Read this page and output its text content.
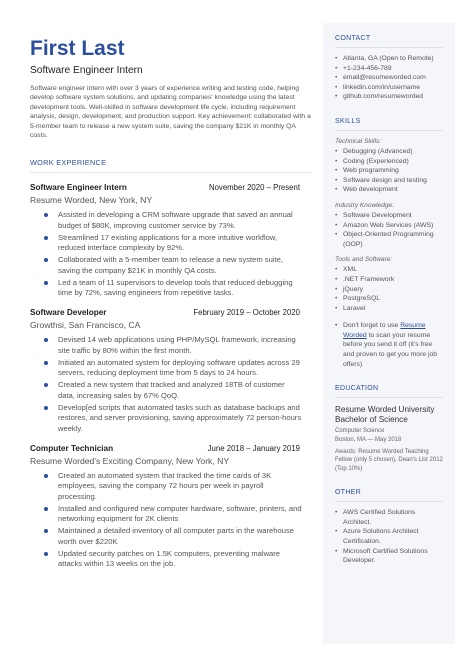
First Last
Software Engineer Intern
Software engineer intern with over 3 years of experience writing and testing code, helping develop software system solutions, and updating companies' knowledge using the latest development tools. Well-skilled in software development life cycle, including requirement analysis, design, development, and production support. Key achievement: collaborated with a 5-member team to release a new system suite, saving the company $21K in monthly QA costs.
WORK EXPERIENCE
Software Engineer Intern	November 2020 – Present
Resume Worded, New York, NY
Assisted in developing a CRM software upgrade that saved an annual budget of $80K, improving customer service by 73%.
Streamlined 17 existing applications for a more intuitive workflow, reduced interface complexity by 92%.
Collaborated with a 5-member team to release a new system suite, saving the company $21K in monthly QA costs.
Led a team of 11 supervisors to develop tools that reduced debugging time by 72%, saving engineers from repetitive tasks.
Software Developer	February 2019 – October 2020
Growthsi, San Francisco, CA
Devised 14 web applications using PHP/MySQL framework, increasing site traffic by 80% within the first month.
Initiated an automated system for deploying software updates across 29 servers, reducing deployment time from 5 days to 24 hours.
Created a new system that tracked and analyzed 18TB of customer data, increasing sales by 67% QoQ.
Develop[ed scripts that automated tasks such as database backups and restores, and server provisioning, saving approximately 72 person-hours weekly.
Computer Technician	June 2018 – January 2019
Resume Worded's Exciting Company, New York, NY
Created an automated system that tracked the time cards of 3K employees, saving the company 72 hours per week in payroll processing.
Installed and configured new computer hardware, software, printers, and networking equipment for 2K clients
Maintained a detailed inventory of all computer parts in the warehouse worth over $220K
Updated security patches on 1.5K computers, preventing malware attacks within 13 weeks on the job.
CONTACT
• Atlanta, GA (Open to Remote)
• +1-234-456-789
• email@resumeworded.com
• linkedin.com/in/username
• github.com/resumeworded
SKILLS
Technical Skills:
• Debugging (Advanced)
• Coding (Experienced)
• Web programming
• Software design and testing
• Web development
Industry Knowledge:
• Software Development
• Amazon Web Services (AWS)
• Object-Oriented Programming (OOP)
Tools and Software:
• XML
• .NET Framework
• jQuery
• PostgreSQL
• Laravel
• Don't forget to use Resume Worded to scan your resume before you send it off (it's free and proven to get you more job offers)
EDUCATION
Resume Worded University
Bachelor of Science
Computer Science
Boston, MA — May 2018
Awards: Resume Worded Teaching Fellow (only 5 chosen), Dean's List 2012 (Top 10%)
OTHER
• AWS Certified Solutions Architect.
• Azure Solutions Architect Certification.
• Microsoft Certified Solutions Developer.
